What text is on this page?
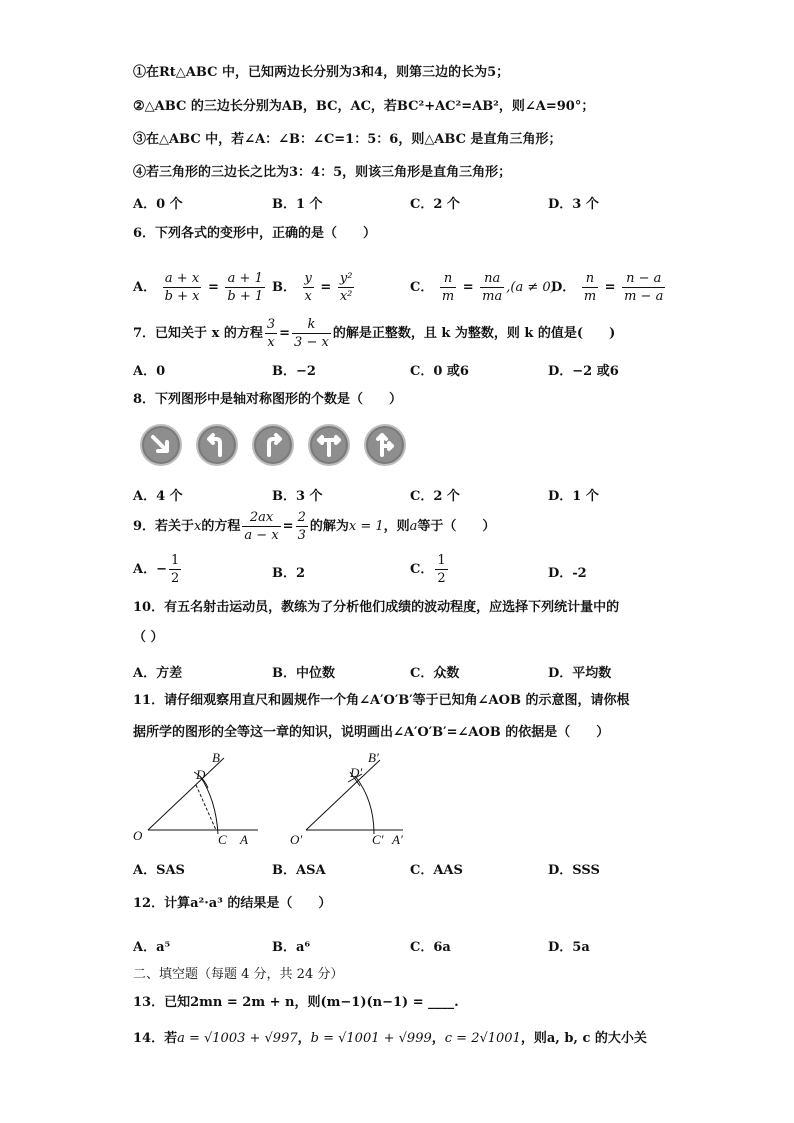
①在Rt△ABC 中，已知两边长分别为3和4，则第三边的长为5；
②△ABC 的三边长分别为AB，BC，AC，若BC²+AC²=AB²，则∠A=90°；
③在△ABC 中，若∠A：∠B：∠C=1：5：6，则△ABC 是直角三角形；
④若三角形的三边长之比为3：4：5，则该三角形是直角三角形；
A．0 个	B．1 个	C．2 个	D．3 个
6．下列各式的变形中，正确的是（　　）
A． $\frac{a + x}{b + x} = \frac{a + 1}{b + 1}$ B． $\frac{y}{x} = \frac{\text{y²}}{\text{x²}}$	C． $\frac{n}{m} = \frac{na}{ma} ,(a \ne 0)$
D． $\frac{n}{m} = \frac{n - a}{m - a}$
7．已知关于 x 的方程 $\frac{3}{x} = \frac{k}{3 - x}$ 的解是正整数，且 k 为整数，则 k 的值是(　　)
A．0	B．−2	C．0 或6	D．−2 或6
8．下列图形中是轴对称图形的个数是（　　）
A．4 个	B．3 个	C．2 个	D．1 个
9．若关于x的方程 $\frac{2ax}{a - x} = \frac{2}{3}$ 的解为x = 1，则a等于（　　）
A．− $\frac{1}{2}$	B．2	C． $\frac{1}{2}$	D．-2
10．有五名射击运动员，教练为了分析他们成绩的波动程度，应选择下列统计量中的
（ ）
A．方差	B．中位数	C．众数	D．平均数
11．请仔细观察用直尺和圆规作一个角∠A′O′B′等于已知角∠AOB 的示意图，请你根
据所学的图形的全等这一章的知识，说明画出∠A′O′B′=∠AOB 的依据是（　　）
B
D
O	C A
B′
D′
O′	C′ A′
A．SAS	B．ASA	C．AAS	D．SSS
12．计算a²·a³ 的结果是（　　）
A．a⁵	B．a⁶	C．6a	D．5a
二、填空题（每题 4 分，共 24 分）
13．已知2mn = 2m + n，则(m−1)(n−1) = ____.
14．若a = √1003 + √997，b = √1001 + √999，c = 2√1001，则a, b, c 的大小关
